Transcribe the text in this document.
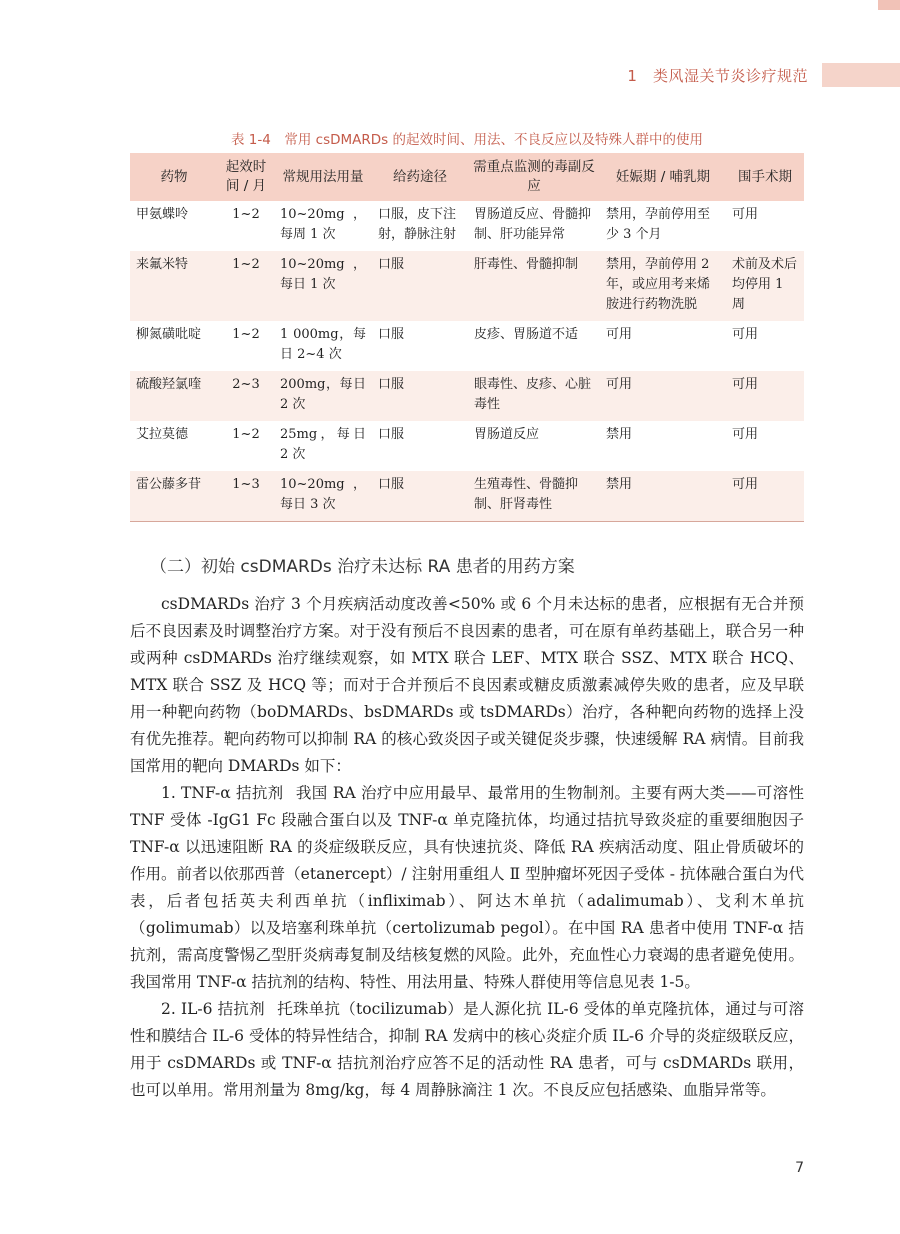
1　 类风湿关节炎诊疗规范
表 1-4　常用 csDMARDs 的起效时间、用法、不良反应以及特殊人群中的使用
药物	起效时间 / 月	常规用法用量	给药途径	需重点监测的毒副反应	妊娠期 / 哺乳期	围手术期
甲氨蝶呤	1~2	10~20mg，每周 1 次	口服，皮下注射，静脉注射	胃肠道反应、骨髓抑制、肝功能异常	禁用，孕前停用至少 3 个月	可用
来氟米特	1~2	10~20mg，每日 1 次	口服	肝毒性、骨髓抑制	禁用，孕前停用 2 年，或应用考来烯胺进行药物洗脱	术前及术后均停用 1 周
柳氮磺吡啶	1~2	1 000mg，每日 2~4 次	口服	皮疹、胃肠道不适	可用	可用
硫酸羟氯喹	2~3	200mg，每日 2 次	口服	眼毒性、皮疹、心脏毒性	可用	可用
艾拉莫德	1~2	25mg，每日 2 次	口服	胃肠道反应	禁用	可用
雷公藤多苷	1~3	10~20mg，每日 3 次	口服	生殖毒性、骨髓抑制、肝肾毒性	禁用	可用
（二）初始 csDMARDs 治疗未达标 RA 患者的用药方案

csDMARDs 治疗 3 个月疾病活动度改善<50% 或 6 个月未达标的患者，应根据有无合并预后不良因素及时调整治疗方案。对于没有预后不良因素的患者，可在原有单药基础上，联合另一种或两种 csDMARDs 治疗继续观察，如 MTX 联合 LEF、MTX 联合 SSZ、MTX 联合 HCQ、MTX 联合 SSZ 及 HCQ 等；而对于合并预后不良因素或糖皮质激素减停失败的患者，应及早联用一种靶向药物（boDMARDs、bsDMARDs 或 tsDMARDs）治疗，各种靶向药物的选择上没有优先推荐。靶向药物可以抑制 RA 的核心致炎因子或关键促炎步骤，快速缓解 RA 病情。目前我国常用的靶向 DMARDs 如下：

1. TNF-α 拮抗剂 我国 RA 治疗中应用最早、最常用的生物制剂。主要有两大类——可溶性 TNF 受体 -IgG1 Fc 段融合蛋白以及 TNF-α 单克隆抗体，均通过拮抗导致炎症的重要细胞因子 TNF-α 以迅速阻断 RA 的炎症级联反应，具有快速抗炎、降低 RA 疾病活动度、阻止骨质破坏的作用。前者以依那西普（etanercept）/ 注射用重组人 Ⅱ 型肿瘤坏死因子受体 - 抗体融合蛋白为代表，后者包括英夫利西单抗（infliximab）、阿达木单抗（adalimumab）、戈利木单抗（golimumab）以及培塞利珠单抗（certolizumab pegol）。在中国 RA 患者中使用 TNF-α 拮抗剂，需高度警惕乙型肝炎病毒复制及结核复燃的风险。此外，充血性心力衰竭的患者避免使用。我国常用 TNF-α 拮抗剂的结构、特性、用法用量、特殊人群使用等信息见表 1-5。

2. IL-6 拮抗剂 托珠单抗（tocilizumab）是人源化抗 IL-6 受体的单克隆抗体，通过与可溶性和膜结合 IL-6 受体的特异性结合，抑制 RA 发病中的核心炎症介质 IL-6 介导的炎症级联反应，用于 csDMARDs 或 TNF-α 拮抗剂治疗应答不足的活动性 RA 患者，可与 csDMARDs 联用，也可以单用。常用剂量为 8mg/kg，每 4 周静脉滴注 1 次。不良反应包括感染、血脂异常等。

7
